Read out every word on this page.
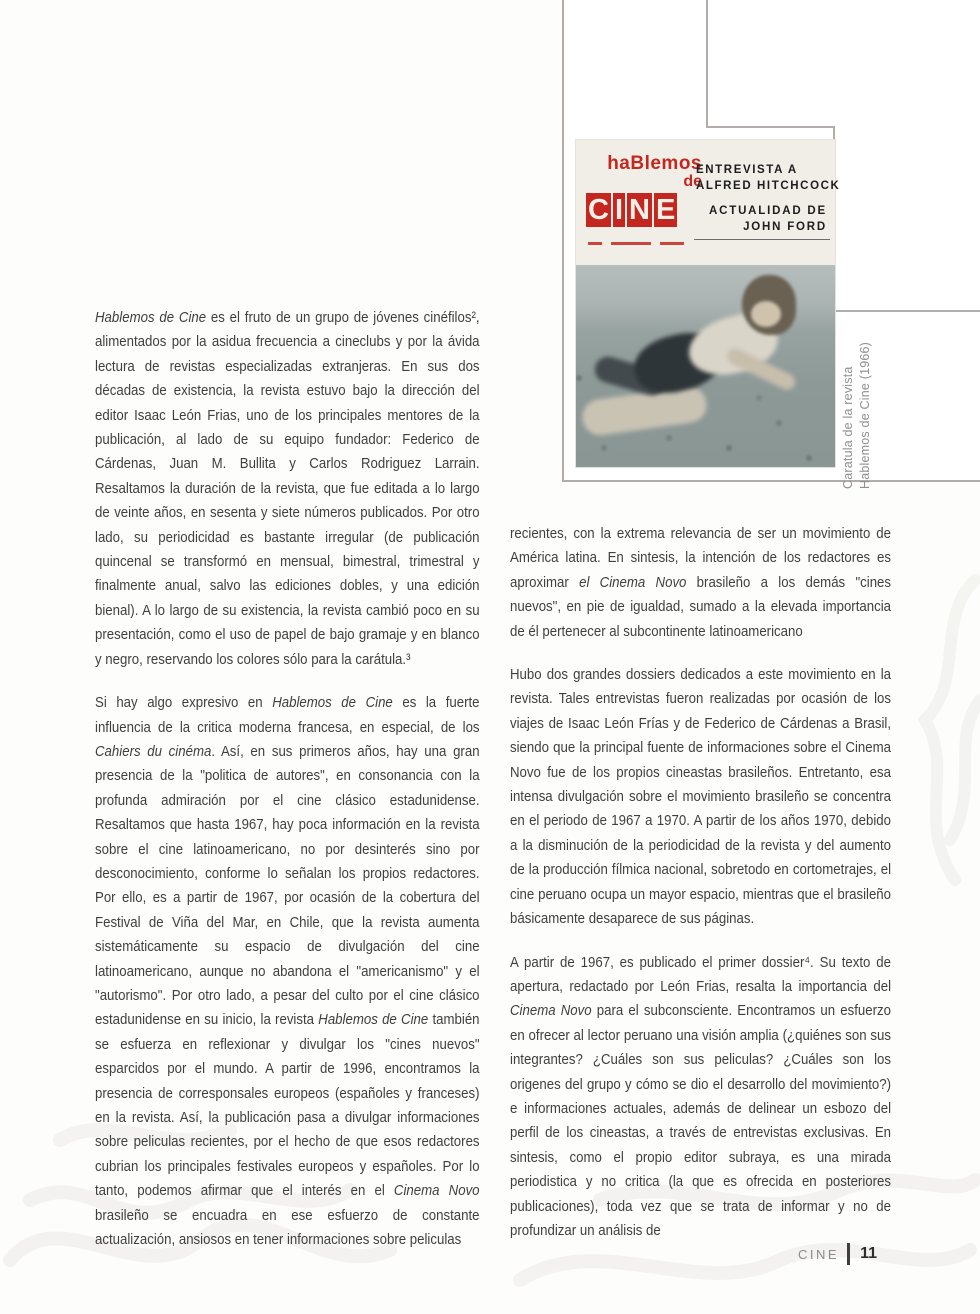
haBlemos
de
C I N E
ENTREVISTA A
ALFRED HITCHCOCK
ACTUALIDAD DE
JOHN FORD
Caratula de la revista Hablemos de Cine (1966)

Hablemos de Cine es el fruto de un grupo de jóvenes cinéfilos², alimentados por la asidua frecuencia a cineclubs y por la ávida lectura de revistas especializadas extranjeras. En sus dos décadas de existencia, la revista estuvo bajo la dirección del editor Isaac León Frias, uno de los principales mentores de la publicación, al lado de su equipo fundador: Federico de Cárdenas, Juan M. Bullita y Carlos Rodriguez Larrain. Resaltamos la duración de la revista, que fue editada a lo largo de veinte años, en sesenta y siete números publicados. Por otro lado, su periodicidad es bastante irregular (de publicación quincenal se transformó en mensual, bimestral, trimestral y finalmente anual, salvo las ediciones dobles, y una edición bienal). A lo largo de su existencia, la revista cambió poco en su presentación, como el uso de papel de bajo gramaje y en blanco y negro, reservando los colores sólo para la carátula.³

Si hay algo expresivo en Hablemos de Cine es la fuerte influencia de la critica moderna francesa, en especial, de los Cahiers du cinéma. Así, en sus primeros años, hay una gran presencia de la "politica de autores", en consonancia con la profunda admiración por el cine clásico estadunidense. Resaltamos que hasta 1967, hay poca información en la revista sobre el cine latinoamericano, no por desinterés sino por desconocimiento, conforme lo señalan los propios redactores. Por ello, es a partir de 1967, por ocasión de la cobertura del Festival de Viña del Mar, en Chile, que la revista aumenta sistemáticamente su espacio de divulgación del cine latinoamericano, aunque no abandona el "americanismo" y el "autorismo". Por otro lado, a pesar del culto por el cine clásico estadunidense en su inicio, la revista Hablemos de Cine también se esfuerza en reflexionar y divulgar los "cines nuevos" esparcidos por el mundo. A partir de 1996, encontramos la presencia de corresponsales europeos (españoles y franceses) en la revista. Así, la publicación pasa a divulgar informaciones sobre peliculas recientes, por el hecho de que esos redactores cubrian los principales festivales europeos y españoles. Por lo tanto, podemos afirmar que el interés en el Cinema Novo brasileño se encuadra en ese esfuerzo de constante actualización, ansiosos en tener informaciones sobre peliculas

recientes, con la extrema relevancia de ser un movimiento de América latina. En sintesis, la intención de los redactores es aproximar el Cinema Novo brasileño a los demás "cines nuevos", en pie de igualdad, sumado a la elevada importancia de él pertenecer al subcontinente latinoamericano

Hubo dos grandes dossiers dedicados a este movimiento en la revista. Tales entrevistas fueron realizadas por ocasión de los viajes de Isaac León Frías y de Federico de Cárdenas a Brasil, siendo que la principal fuente de informaciones sobre el Cinema Novo fue de los propios cineastas brasileños. Entretanto, esa intensa divulgación sobre el movimiento brasileño se concentra en el periodo de 1967 a 1970. A partir de los años 1970, debido a la disminución de la periodicidad de la revista y del aumento de la producción fílmica nacional, sobretodo en cortometrajes, el cine peruano ocupa un mayor espacio, mientras que el brasileño básicamente desaparece de sus páginas.

A partir de 1967, es publicado el primer dossier⁴. Su texto de apertura, redactado por León Frias, resalta la importancia del Cinema Novo para el subconsciente. Encontramos un esfuerzo en ofrecer al lector peruano una visión amplia (¿quiénes son sus integrantes? ¿Cuáles son sus peliculas? ¿Cuáles son los origenes del grupo y cómo se dio el desarrollo del movimiento?) e informaciones actuales, además de delinear un esbozo del perfil de los cineastas, a través de entrevistas exclusivas. En sintesis, como el propio editor subraya, es una mirada periodistica y no critica (la que es ofrecida en posteriores publicaciones), toda vez que se trata de informar y no de profundizar un análisis de

CINE 11
